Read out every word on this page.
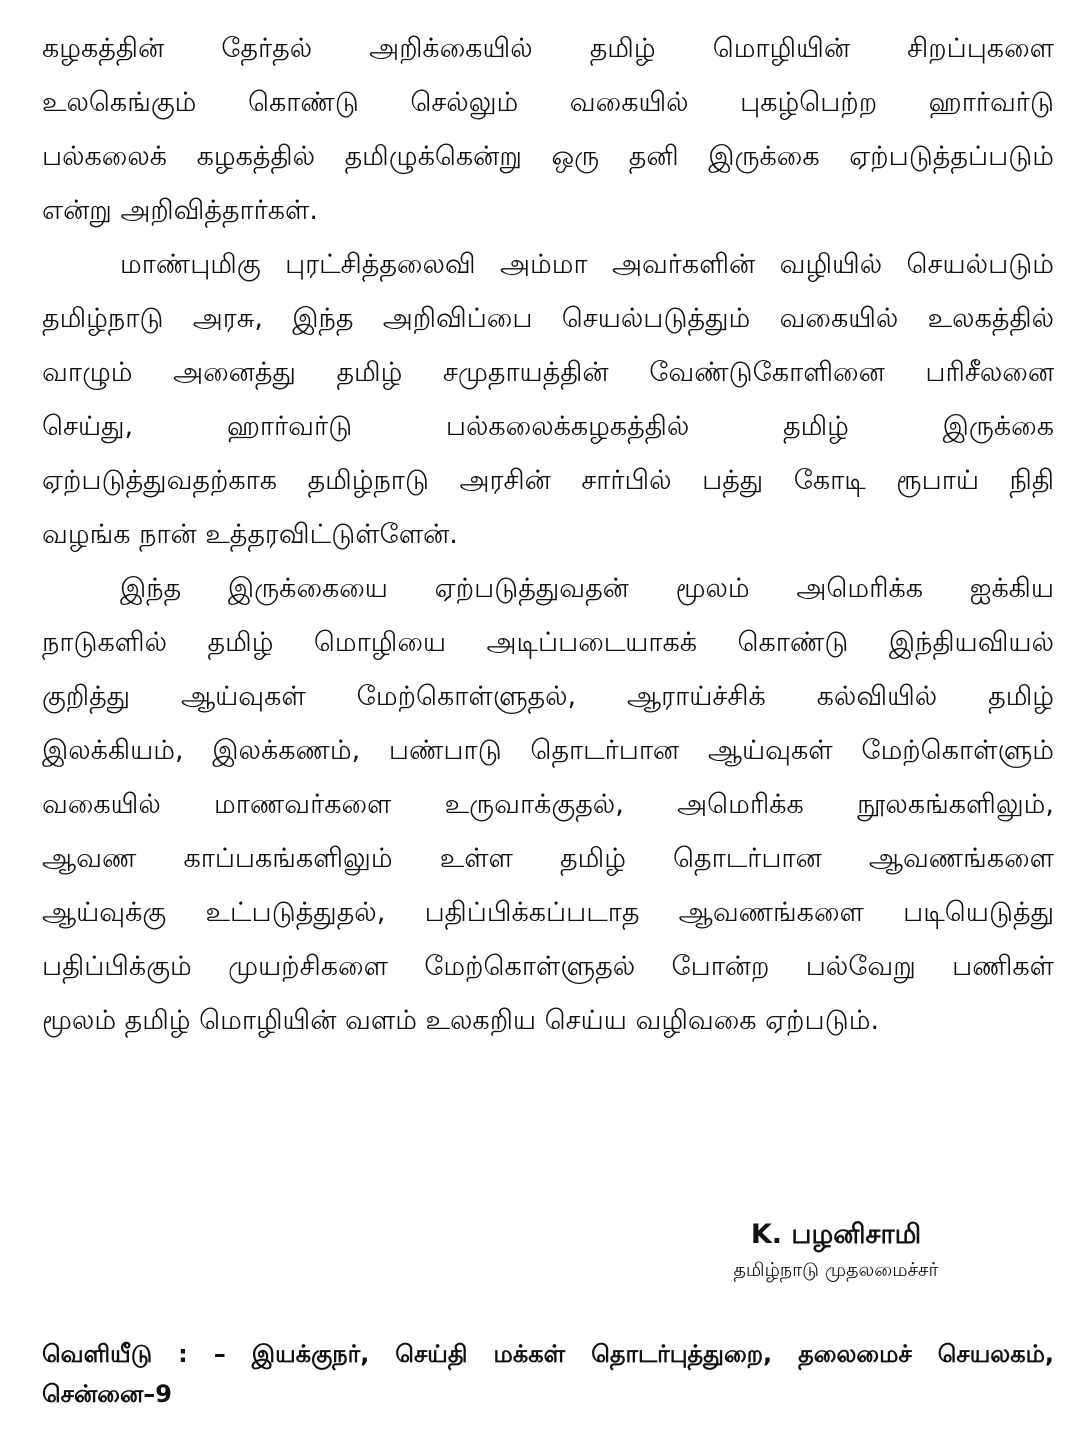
கழகத்தின் தேர்தல் அறிக்கையில் தமிழ் மொழியின் சிறப்புகளை
உலகெங்கும் கொண்டு செல்லும் வகையில் புகழ்பெற்ற ஹார்வர்டு
பல்கலைக் கழகத்தில் தமிழுக்கென்று ஒரு தனி இருக்கை ஏற்படுத்தப்படும்
என்று அறிவித்தார்கள்.
மாண்புமிகு புரட்சித்தலைவி அம்மா அவர்களின் வழியில் செயல்படும்
தமிழ்நாடு அரசு, இந்த அறிவிப்பை செயல்படுத்தும் வகையில் உலகத்தில்
வாழும் அனைத்து தமிழ் சமுதாயத்தின் வேண்டுகோளினை பரிசீலனை
செய்து, ஹார்வர்டு பல்கலைக்கழகத்தில் தமிழ் இருக்கை
ஏற்படுத்துவதற்காக தமிழ்நாடு அரசின் சார்பில் பத்து கோடி ரூபாய் நிதி
வழங்க நான் உத்தரவிட்டுள்ளேன்.
இந்த இருக்கையை ஏற்படுத்துவதன் மூலம் அமெரிக்க ஐக்கிய
நாடுகளில் தமிழ் மொழியை அடிப்படையாகக் கொண்டு இந்தியவியல்
குறித்து ஆய்வுகள் மேற்கொள்ளுதல், ஆராய்ச்சிக் கல்வியில் தமிழ்
இலக்கியம், இலக்கணம், பண்பாடு தொடர்பான ஆய்வுகள் மேற்கொள்ளும்
வகையில் மாணவர்களை உருவாக்குதல், அமெரிக்க நூலகங்களிலும்,
ஆவண காப்பகங்களிலும் உள்ள தமிழ் தொடர்பான ஆவணங்களை
ஆய்வுக்கு உட்படுத்துதல், பதிப்பிக்கப்படாத ஆவணங்களை படியெடுத்து
பதிப்பிக்கும் முயற்சிகளை மேற்கொள்ளுதல் போன்ற பல்வேறு பணிகள்
மூலம் தமிழ் மொழியின் வளம் உலகறிய செய்ய வழிவகை ஏற்படும்.
K. பழனிசாமி
தமிழ்நாடு முதலமைச்சர்
வெளியீடு : – இயக்குநர், செய்தி மக்கள் தொடர்புத்துறை, தலைமைச் செயலகம்,
சென்னை–9
